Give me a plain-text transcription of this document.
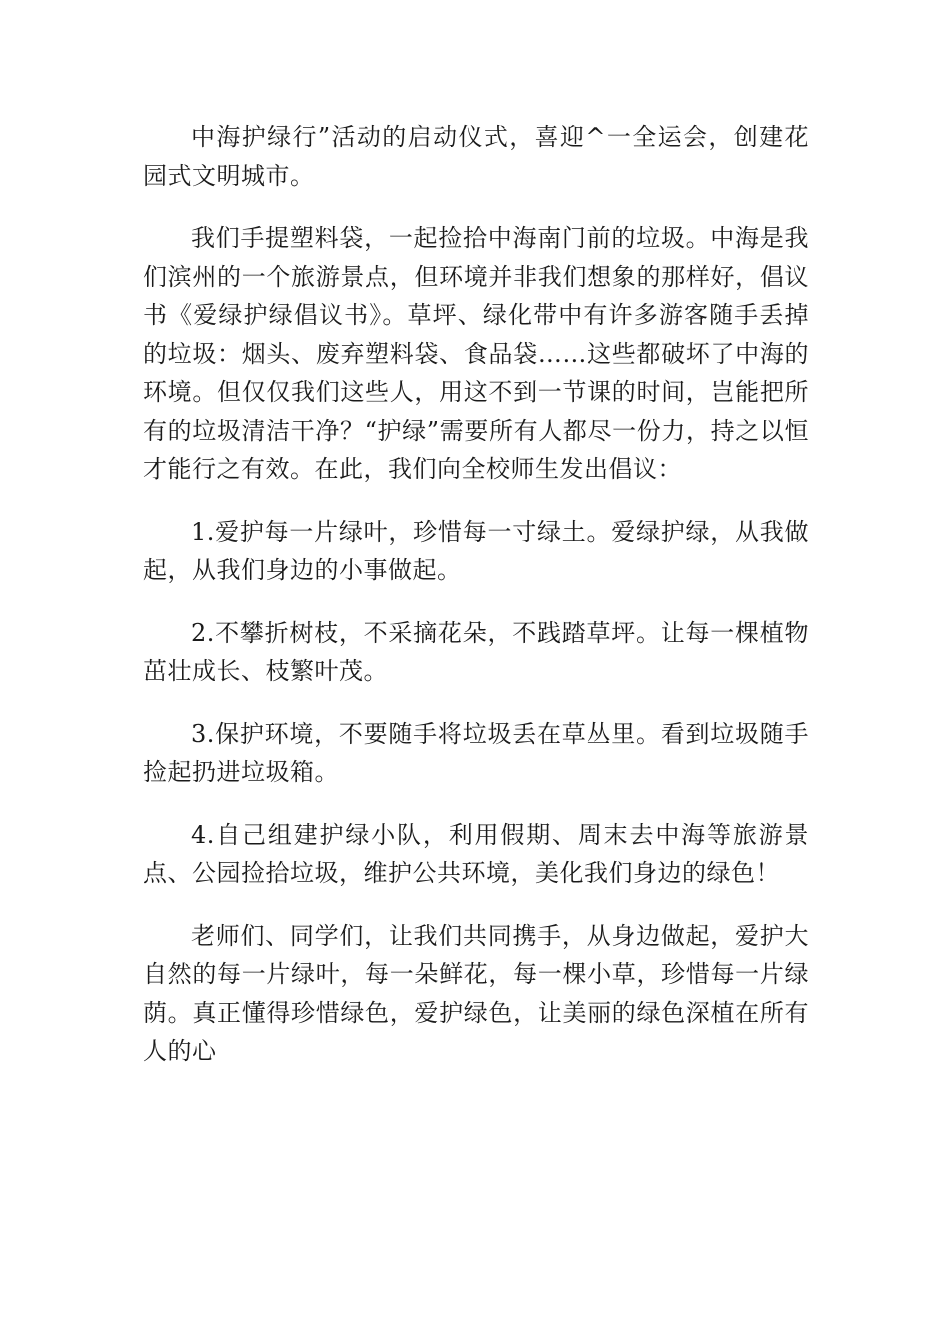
中海护绿行”活动的启动仪式，喜迎^一全运会，创建花园式文明城市。

我们手提塑料袋，一起捡拾中海南门前的垃圾。中海是我们滨州的一个旅游景点，但环境并非我们想象的那样好，倡议书《爱绿护绿倡议书》。草坪、绿化带中有许多游客随手丢掉的垃圾：烟头、废弃塑料袋、食品袋……这些都破坏了中海的环境。但仅仅我们这些人，用这不到一节课的时间，岂能把所有的垃圾清洁干净？“护绿”需要所有人都尽一份力，持之以恒才能行之有效。在此，我们向全校师生发出倡议：

1.爱护每一片绿叶，珍惜每一寸绿土。爱绿护绿，从我做起，从我们身边的小事做起。

2.不攀折树枝，不采摘花朵，不践踏草坪。让每一棵植物茁壮成长、枝繁叶茂。

3.保护环境，不要随手将垃圾丢在草丛里。看到垃圾随手捡起扔进垃圾箱。

4.自己组建护绿小队，利用假期、周末去中海等旅游景点、公园捡拾垃圾，维护公共环境，美化我们身边的绿色！

老师们、同学们，让我们共同携手，从身边做起，爱护大自然的每一片绿叶，每一朵鲜花，每一棵小草，珍惜每一片绿荫。真正懂得珍惜绿色，爱护绿色，让美丽的绿色深植在所有人的心
